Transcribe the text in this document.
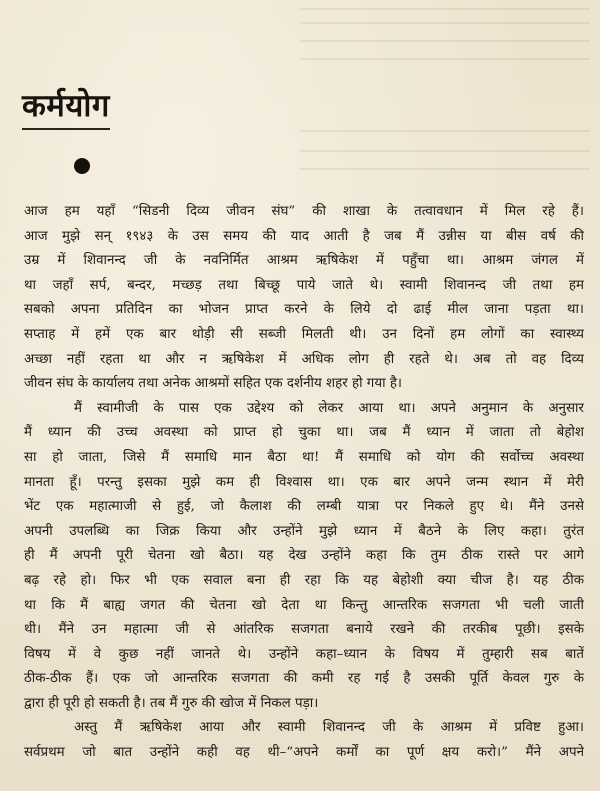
कर्मयोग
आज हम यहाँ “सिडनी दिव्य जीवन संघ” की शाखा के तत्वावधान में मिल रहे हैं।
आज मुझे सन् १९४३ के उस समय की याद आती है जब मैं उन्नीस या बीस वर्ष की
उम्र में शिवानन्द जी के नवनिर्मित आश्रम ऋषिकेश में पहुँचा था। आश्रम जंगल में
था जहाँ सर्प, बन्दर, मच्छड़ तथा बिच्छू पाये जाते थे। स्वामी शिवानन्द जी तथा हम
सबको अपना प्रतिदिन का भोजन प्राप्त करने के लिये दो ढाई मील जाना पड़ता था।
सप्ताह में हमें एक बार थोड़ी सी सब्जी मिलती थी। उन दिनों हम लोगों का स्वास्थ्य
अच्छा नहीं रहता था और न ऋषिकेश में अधिक लोग ही रहते थे। अब तो वह दिव्य
जीवन संघ के कार्यालय तथा अनेक आश्रमों सहित एक दर्शनीय शहर हो गया है।
मैं स्वामीजी के पास एक उद्देश्य को लेकर आया था। अपने अनुमान के अनुसार
मैं ध्यान की उच्च अवस्था को प्राप्त हो चुका था। जब मैं ध्यान में जाता तो बेहोश
सा हो जाता, जिसे मैं समाधि मान बैठा था! मैं समाधि को योग की सर्वोच्च अवस्था
मानता हूँ। परन्तु इसका मुझे कम ही विश्वास था। एक बार अपने जन्म स्थान में मेरी
भेंट एक महात्माजी से हुई, जो कैलाश की लम्बी यात्रा पर निकले हुए थे। मैंने उनसे
अपनी उपलब्धि का जिक्र किया और उन्होंने मुझे ध्यान में बैठने के लिए कहा। तुरंत
ही मैं अपनी पूरी चेतना खो बैठा। यह देख उन्होंने कहा कि तुम ठीक रास्ते पर आगे
बढ़ रहे हो। फिर भी एक सवाल बना ही रहा कि यह बेहोशी क्या चीज है। यह ठीक
था कि मैं बाह्य जगत की चेतना खो देता था किन्तु आन्तरिक सजगता भी चली जाती
थी। मैंने उन महात्मा जी से आंतरिक सजगता बनाये रखने की तरकीब पूछी। इसके
विषय में वे कुछ नहीं जानते थे। उन्होंने कहा–ध्यान के विषय में तुम्हारी सब बातें
ठीक-ठीक हैं। एक जो आन्तरिक सजगता की कमी रह गई है उसकी पूर्ति केवल गुरु के
द्वारा ही पूरी हो सकती है। तब मैं गुरु की खोज में निकल पड़ा।
अस्तु मैं ऋषिकेश आया और स्वामी शिवानन्द जी के आश्रम में प्रविष्ट हुआ।
सर्वप्रथम जो बात उन्होंने कही वह थी–“अपने कर्मों का पूर्ण क्षय करो।” मैंने अपने
